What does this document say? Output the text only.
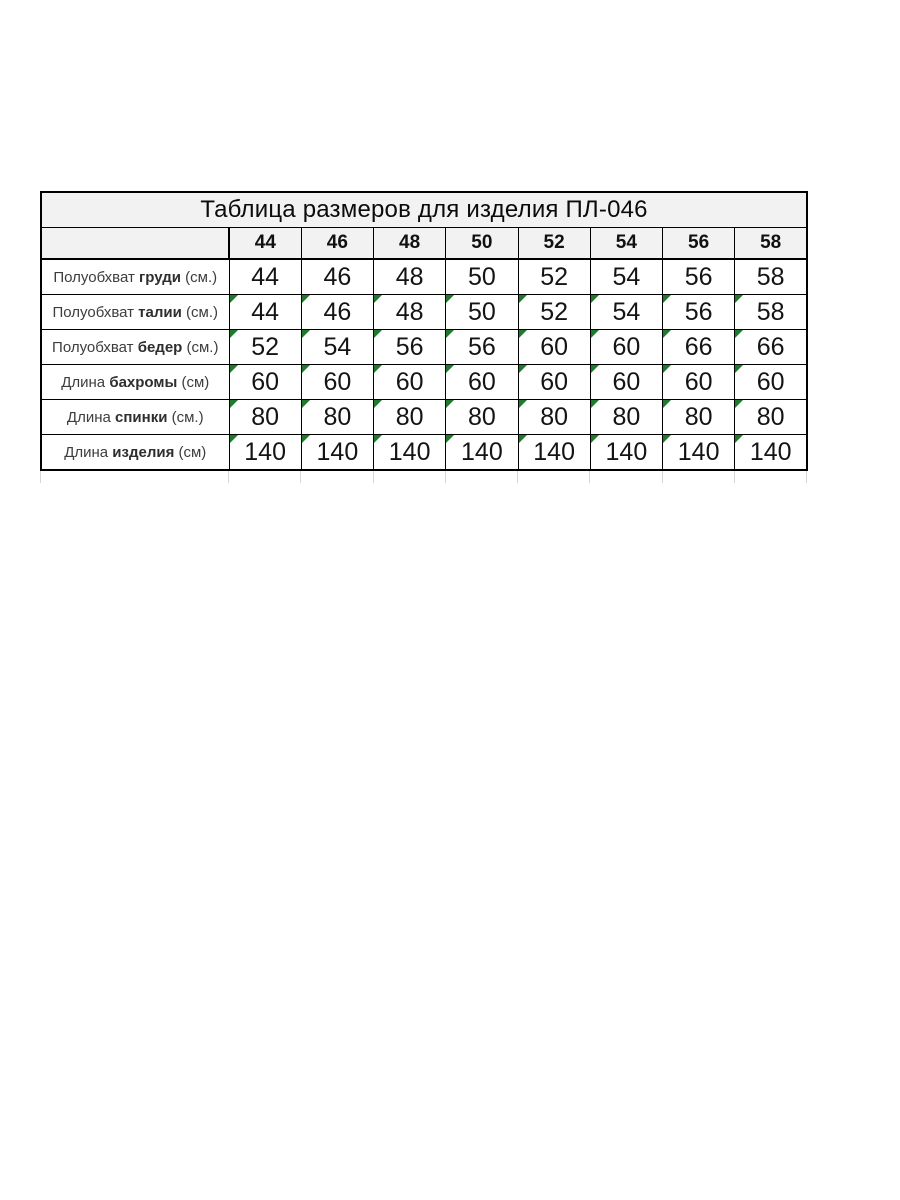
Таблица размеров для изделия ПЛ-046								
	44	46	48	50	52	54	56	58
Полуобхват груди (см.)	44	46	48	50	52	54	56	58
Полуобхват талии (см.)	44	46	48	50	52	54	56	58
Полуобхват бедер (см.)	52	54	56	56	60	60	66	66
Длина бахромы (см)	60	60	60	60	60	60	60	60
Длина спинки (см.)	80	80	80	80	80	80	80	80
Длина изделия (см)	140	140	140	140	140	140	140	140
